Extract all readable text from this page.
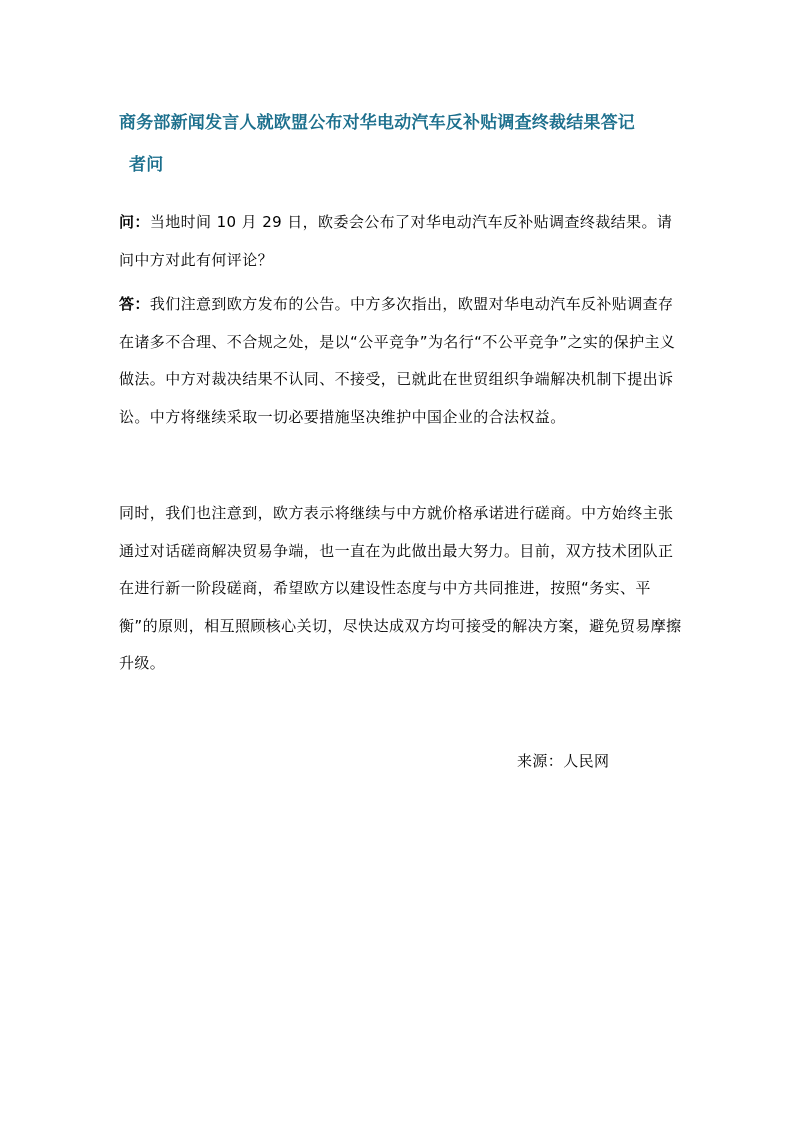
商务部新闻发言人就欧盟公布对华电动汽车反补贴调查终裁结果答记
者问
问：当地时间 10 月 29 日，欧委会公布了对华电动汽车反补贴调查终裁结果。请问中方对此有何评论？
答：我们注意到欧方发布的公告。中方多次指出，欧盟对华电动汽车反补贴调查存在诸多不合理、不合规之处，是以“公平竞争”为名行“不公平竞争”之实的保护主义做法。中方对裁决结果不认同、不接受，已就此在世贸组织争端解决机制下提出诉讼。中方将继续采取一切必要措施坚决维护中国企业的合法权益。
同时，我们也注意到，欧方表示将继续与中方就价格承诺进行磋商。中方始终主张通过对话磋商解决贸易争端，也一直在为此做出最大努力。目前，双方技术团队正在进行新一阶段磋商，希望欧方以建设性态度与中方共同推进，按照“务实、平衡”的原则，相互照顾核心关切，尽快达成双方均可接受的解决方案，避免贸易摩擦升级。
来源：人民网
